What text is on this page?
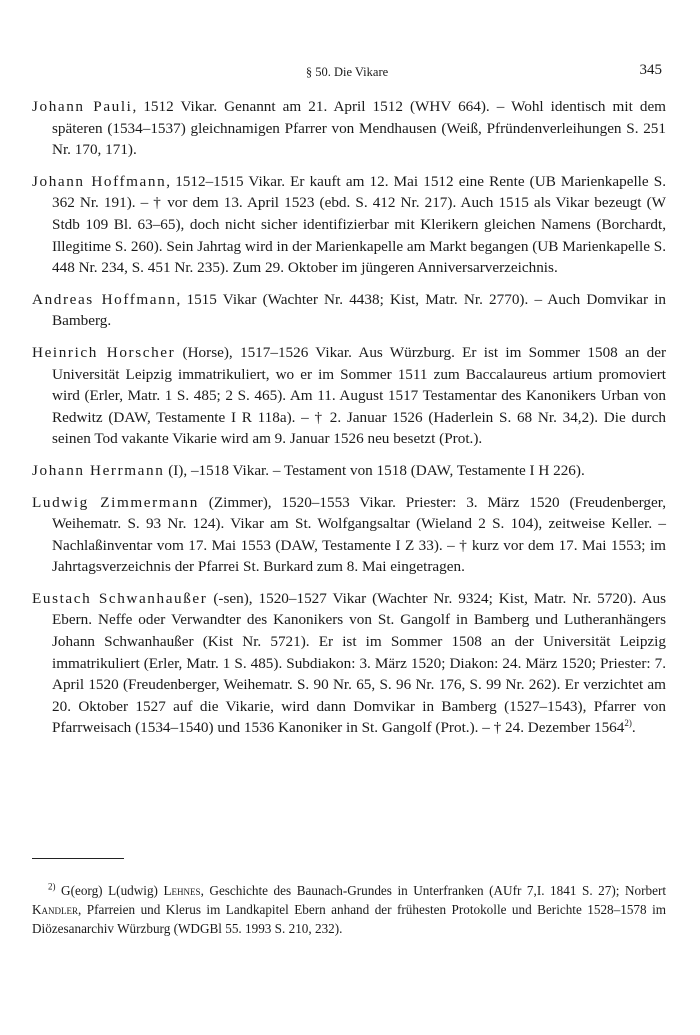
§ 50. Die Vikare	345

Johann Pauli, 1512 Vikar. Genannt am 21. April 1512 (WHV 664). – Wohl identisch mit dem späteren (1534–1537) gleichnamigen Pfarrer von Mendhausen (Weiß, Pfründenverleihungen S. 251 Nr. 170, 171).

Johann Hoffmann, 1512–1515 Vikar. Er kauft am 12. Mai 1512 eine Rente (UB Marienkapelle S. 362 Nr. 191). – † vor dem 13. April 1523 (ebd. S. 412 Nr. 217). Auch 1515 als Vikar bezeugt (W Stdb 109 Bl. 63–65), doch nicht sicher identifizierbar mit Klerikern gleichen Namens (Borchardt, Illegitime S. 260). Sein Jahrtag wird in der Marienkapelle am Markt begangen (UB Marienkapelle S. 448 Nr. 234, S. 451 Nr. 235). Zum 29. Oktober im jüngeren Anniversarverzeichnis.

Andreas Hoffmann, 1515 Vikar (Wachter Nr. 4438; Kist, Matr. Nr. 2770). – Auch Domvikar in Bamberg.

Heinrich Horscher (Horse), 1517–1526 Vikar. Aus Würzburg. Er ist im Sommer 1508 an der Universität Leipzig immatrikuliert, wo er im Sommer 1511 zum Baccalaureus artium promoviert wird (Erler, Matr. 1 S. 485; 2 S. 465). Am 11. August 1517 Testamentar des Kanonikers Urban von Redwitz (DAW, Testamente I R 118a). – † 2. Januar 1526 (Haderlein S. 68 Nr. 34,2). Die durch seinen Tod vakante Vikarie wird am 9. Januar 1526 neu besetzt (Prot.).

Johann Herrmann (I), –1518 Vikar. – Testament von 1518 (DAW, Testamente I H 226).

Ludwig Zimmermann (Zimmer), 1520–1553 Vikar. Priester: 3. März 1520 (Freudenberger, Weihematr. S. 93 Nr. 124). Vikar am St. Wolfgangsaltar (Wieland 2 S. 104), zeitweise Keller. – Nachlaßinventar vom 17. Mai 1553 (DAW, Testamente I Z 33). – † kurz vor dem 17. Mai 1553; im Jahrtagsverzeichnis der Pfarrei St. Burkard zum 8. Mai eingetragen.

Eustach Schwanhaußer (-sen), 1520–1527 Vikar (Wachter Nr. 9324; Kist, Matr. Nr. 5720). Aus Ebern. Neffe oder Verwandter des Kanonikers von St. Gangolf in Bamberg und Lutheranhängers Johann Schwanhaußer (Kist Nr. 5721). Er ist im Sommer 1508 an der Universität Leipzig immatrikuliert (Erler, Matr. 1 S. 485). Subdiakon: 3. März 1520; Diakon: 24. März 1520; Priester: 7. April 1520 (Freudenberger, Weihematr. S. 90 Nr. 65, S. 96 Nr. 176, S. 99 Nr. 262). Er verzichtet am 20. Oktober 1527 auf die Vikarie, wird dann Domvikar in Bamberg (1527–1543), Pfarrer von Pfarrweisach (1534–1540) und 1536 Kanoniker in St. Gangolf (Prot.). – † 24. Dezember 1564$^{2)}$.

$^{2)}$ G(eorg) L(udwig) Lehnes, Geschichte des Baunach-Grundes in Unterfranken (AUfr 7,I. 1841 S. 27); Norbert Kandler, Pfarreien und Klerus im Landkapitel Ebern anhand der frühesten Protokolle und Berichte 1528–1578 im Diözesanarchiv Würzburg (WDGBl 55. 1993 S. 210, 232).
